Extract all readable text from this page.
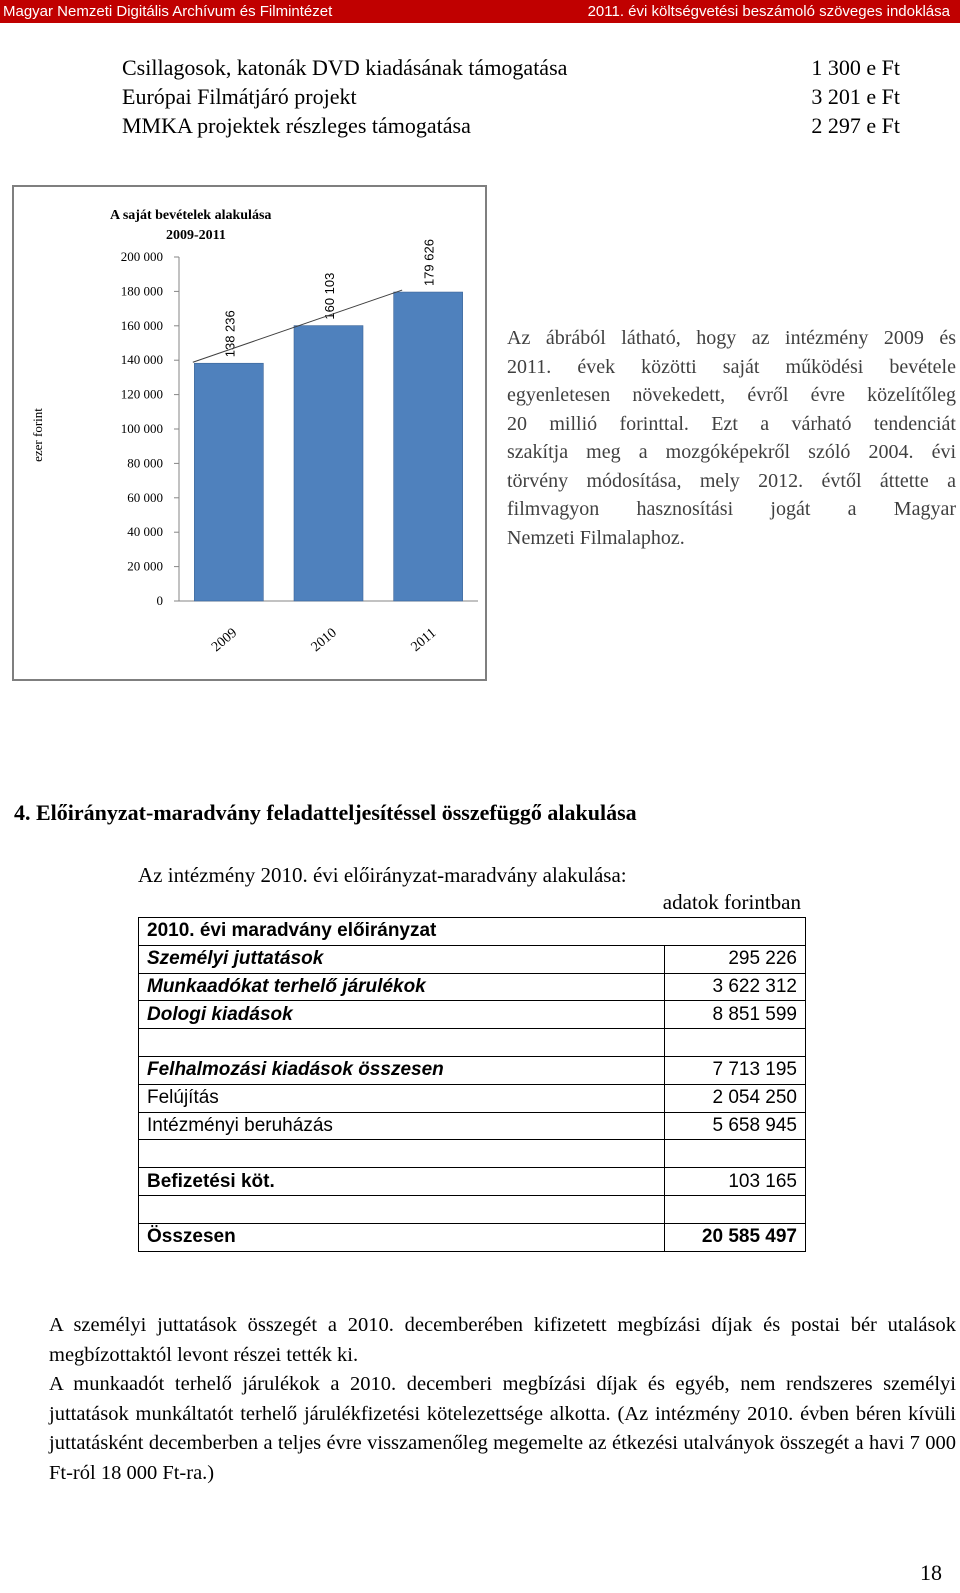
Magyar Nemzeti Digitális Archívum és Filmintézet	2011. évi költségvetési beszámoló szöveges indoklása
Csillagosok, katonák DVD kiadásának támogatása	1 300 e Ft
Európai Filmátjáró projekt	3 201 e Ft
MMKA projektek részleges támogatása	2 297 e Ft
A saját bevételek alakulása
2009-2011
ezer forint
0
20 000
40 000
60 000
80 000
100 000
120 000
140 000
160 000
180 000
200 000
138 236
2009
160 103
2010
179 626
2011
Az ábrából látható, hogy az intézmény 2009 és
2011. évek közötti saját működési bevétele
egyenletesen növekedett, évről évre közelítőleg
20 millió forinttal. Ezt a várható tendenciát
szakítja meg a mozgóképekről szóló 2004. évi
törvény módosítása, mely 2012. évtől áttette a
filmvagyon hasznosítási jogát a Magyar
Nemzeti Filmalaphoz.
4. Előirányzat-maradvány feladatteljesítéssel összefüggő alakulása
Az intézmény 2010. évi előirányzat-maradvány alakulása:
adatok forintban
2010. évi maradvány előirányzat	
Személyi juttatások	295 226
Munkaadókat terhelő járulékok	3 622 312
Dologi kiadások	8 851 599

Felhalmozási kiadások összesen	7 713 195
Felújítás	2 054 250
Intézményi beruházás	5 658 945

Befizetési köt.	103 165

Összesen	20 585 497

A személyi juttatások összegét a 2010. decemberében kifizetett megbízási díjak és postai bér utalások megbízottaktól levont részei tették ki.

A munkaadót terhelő járulékok a 2010. decemberi megbízási díjak és egyéb, nem rendszeres személyi juttatások munkáltatót terhelő járulékfizetési kötelezettsége alkotta. (Az intézmény 2010. évben béren kívüli juttatásként decemberben a teljes évre visszamenőleg megemelte az étkezési utalványok összegét a havi 7 000 Ft-ról 18 000 Ft-ra.)

18
